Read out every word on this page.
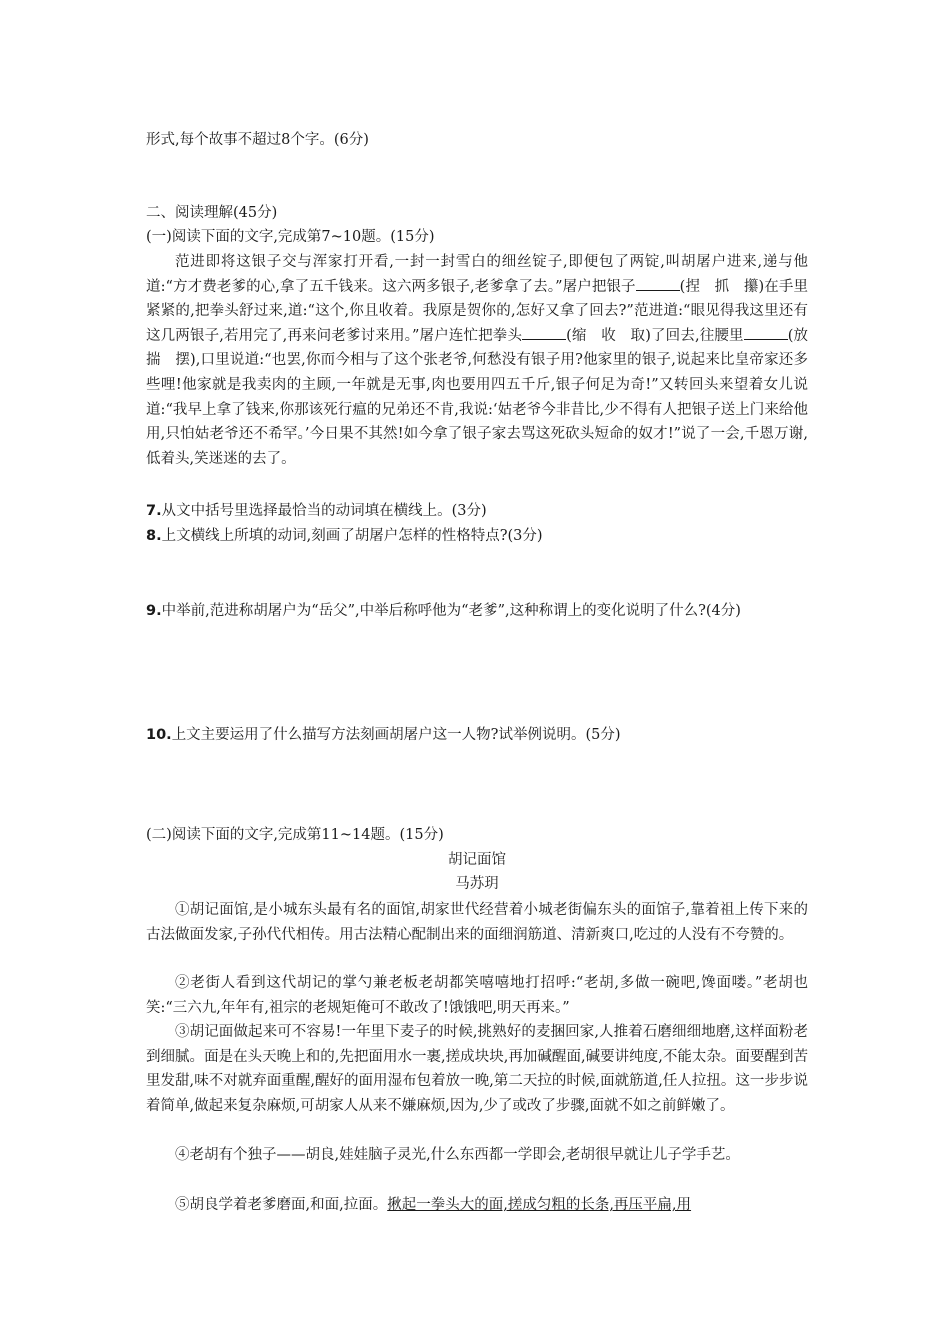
形式,每个故事不超过8个字。(6分)
二、阅读理解(45分)
(一)阅读下面的文字,完成第7~10题。(15分)

范进即将这银子交与浑家打开看,一封一封雪白的细丝锭子,即便包了两锭,叫胡屠户进来,递与他道:“方才费老爹的心,拿了五千钱来。这六两多银子,老爹拿了去。”屠户把银子	(捏　抓　攥)在手里紧紧的,把拳头舒过来,道:“这个,你且收着。我原是贺你的,怎好又拿了回去?”范进道:“眼见得我这里还有这几两银子,若用完了,再来问老爹讨来用。”屠户连忙把拳头	(缩　收　取)了回去,往腰里	(放　揣　摆),口里说道:“也罢,你而今相与了这个张老爷,何愁没有银子用?他家里的银子,说起来比皇帝家还多些哩!他家就是我卖肉的主顾,一年就是无事,肉也要用四五千斤,银子何足为奇!”又转回头来望着女儿说道:“我早上拿了钱来,你那该死行瘟的兄弟还不肯,我说:‘姑老爷今非昔比,少不得有人把银子送上门来给他用,只怕姑老爷还不希罕。’今日果不其然!如今拿了银子家去骂这死砍头短命的奴才!”说了一会,千恩万谢,低着头,笑迷迷的去了。

7.从文中括号里选择最恰当的动词填在横线上。(3分)

8.上文横线上所填的动词,刻画了胡屠户怎样的性格特点?(3分)

9.中举前,范进称胡屠户为“岳父”,中举后称呼他为“老爹”,这种称谓上的变化说明了什么?(4分)

10.上文主要运用了什么描写方法刻画胡屠户这一人物?试举例说明。(5分)

(二)阅读下面的文字,完成第11~14题。(15分)
胡记面馆
马苏玥

①胡记面馆,是小城东头最有名的面馆,胡家世代经营着小城老街偏东头的面馆子,靠着祖上传下来的古法做面发家,子孙代代相传。用古法精心配制出来的面细润筋道、清新爽口,吃过的人没有不夸赞的。

②老街人看到这代胡记的掌勺兼老板老胡都笑嘻嘻地打招呼:“老胡,多做一碗吧,馋面喽。”老胡也笑:“三六九,年年有,祖宗的老规矩俺可不敢改了!饿饿吧,明天再来。”

③胡记面做起来可不容易!一年里下麦子的时候,挑熟好的麦捆回家,人推着石磨细细地磨,这样面粉老到细腻。面是在头天晚上和的,先把面用水一裹,搓成块块,再加碱醒面,碱要讲纯度,不能太杂。面要醒到苦里发甜,味不对就弃面重醒,醒好的面用湿布包着放一晚,第二天拉的时候,面就筋道,任人拉扭。这一步步说着简单,做起来复杂麻烦,可胡家人从来不嫌麻烦,因为,少了或改了步骤,面就不如之前鲜嫩了。

④老胡有个独子——胡良,娃娃脑子灵光,什么东西都一学即会,老胡很早就让儿子学手艺。

⑤胡良学着老爹磨面,和面,拉面。揪起一拳头大的面,搓成匀粗的长条,再压平扁,用
